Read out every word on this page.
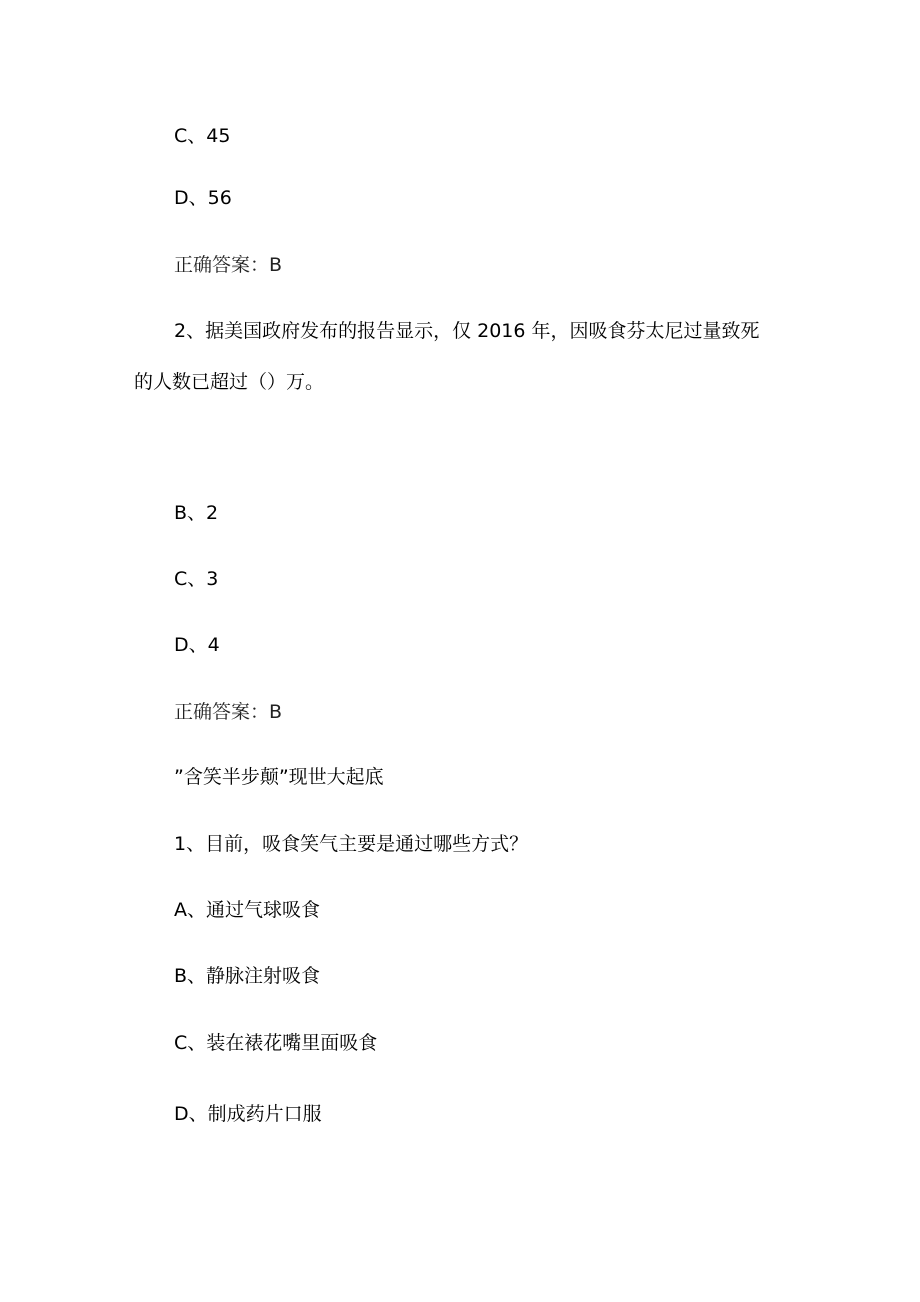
C、45
D、56
正确答案：B
2、据美国政府发布的报告显示，仅 2016 年，因吸食芬太尼过量致死
的人数已超过（）万。
B、2
C、3
D、4
正确答案：B
”含笑半步颠”现世大起底
1、目前，吸食笑气主要是通过哪些方式？
A、通过气球吸食
B、静脉注射吸食
C、装在裱花嘴里面吸食
D、制成药片口服
